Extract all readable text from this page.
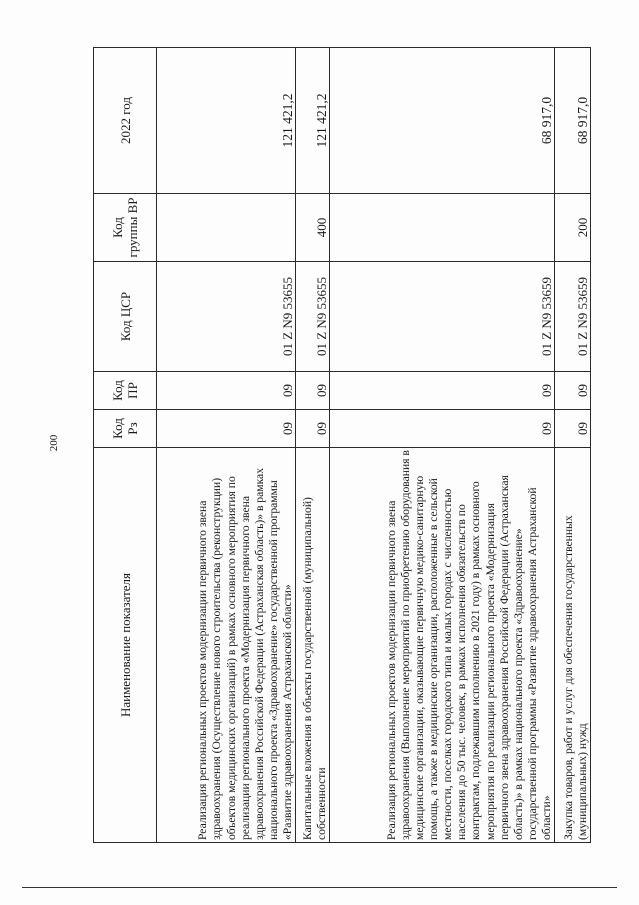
200
Наименование показателя	Код Рз	Код ПР	Код ЦСР	Код группы ВР	2022 год
Реализация региональных проектов модернизации первичного звена здравоохранения (Осуществление нового строительства (реконструкции) объектов медицинских организаций) в рамках основного мероприятия по реализации регионального проекта «Модернизация первичного звена здравоохранения Российской Федерации (Астраханская область)» в рамках национального проекта «Здравоохранение» государственной программы «Развитие здравоохранения Астраханской области»	09	09	01 Z N9 53655		121 421,2
Капитальные вложения в объекты государственной (муниципальной) собственности	09	09	01 Z N9 53655	400	121 421,2
Реализация региональных проектов модернизации первичного звена здравоохранения (Выполнение мероприятий по приобретению оборудования в медицинские организации, оказывающие первичную медико-санитарную помощь, а также в медицинские организации, расположенные в сельской местности, поселках городского типа и малых городах с численностью населения до 50 тыс. человек, в рамках исполнения обязательств по контрактам, подлежавшим исполнению в 2021 году) в рамках основного мероприятия по реализации регионального проекта «Модернизация первичного звена здравоохранения Российской Федерации (Астраханская область)» в рамках национального проекта «Здравоохранение» государственной программы «Развитие здравоохранения Астраханской области»	09	09	01 Z N9 53659		68 917,0
Закупка товаров, работ и услуг для обеспечения государственных (муниципальных) нужд	09	09	01 Z N9 53659	200	68 917,0
